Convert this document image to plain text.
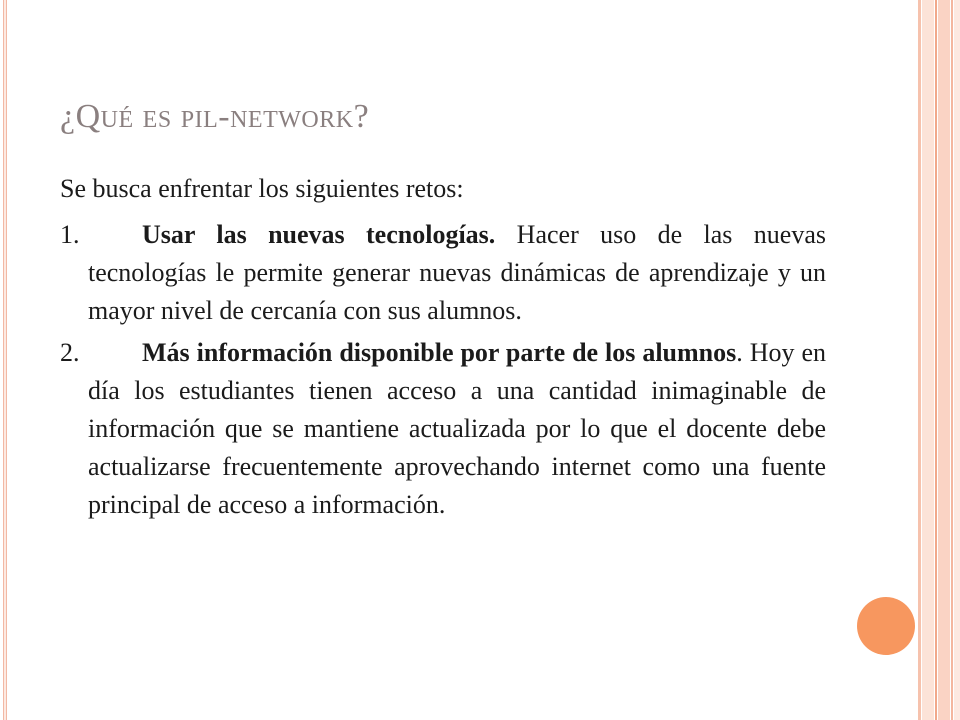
¿QUÉ ES PIL-NETWORK?

Se busca enfrentar los siguientes retos:

1. Usar las nuevas tecnologías. Hacer uso de las nuevas tecnologías le permite generar nuevas dinámicas de aprendizaje y un mayor nivel de cercanía con sus alumnos.

2. Más información disponible por parte de los alumnos. Hoy en día los estudiantes tienen acceso a una cantidad inimaginable de información que se mantiene actualizada por lo que el docente debe actualizarse frecuentemente aprovechando internet como una fuente principal de acceso a información.
